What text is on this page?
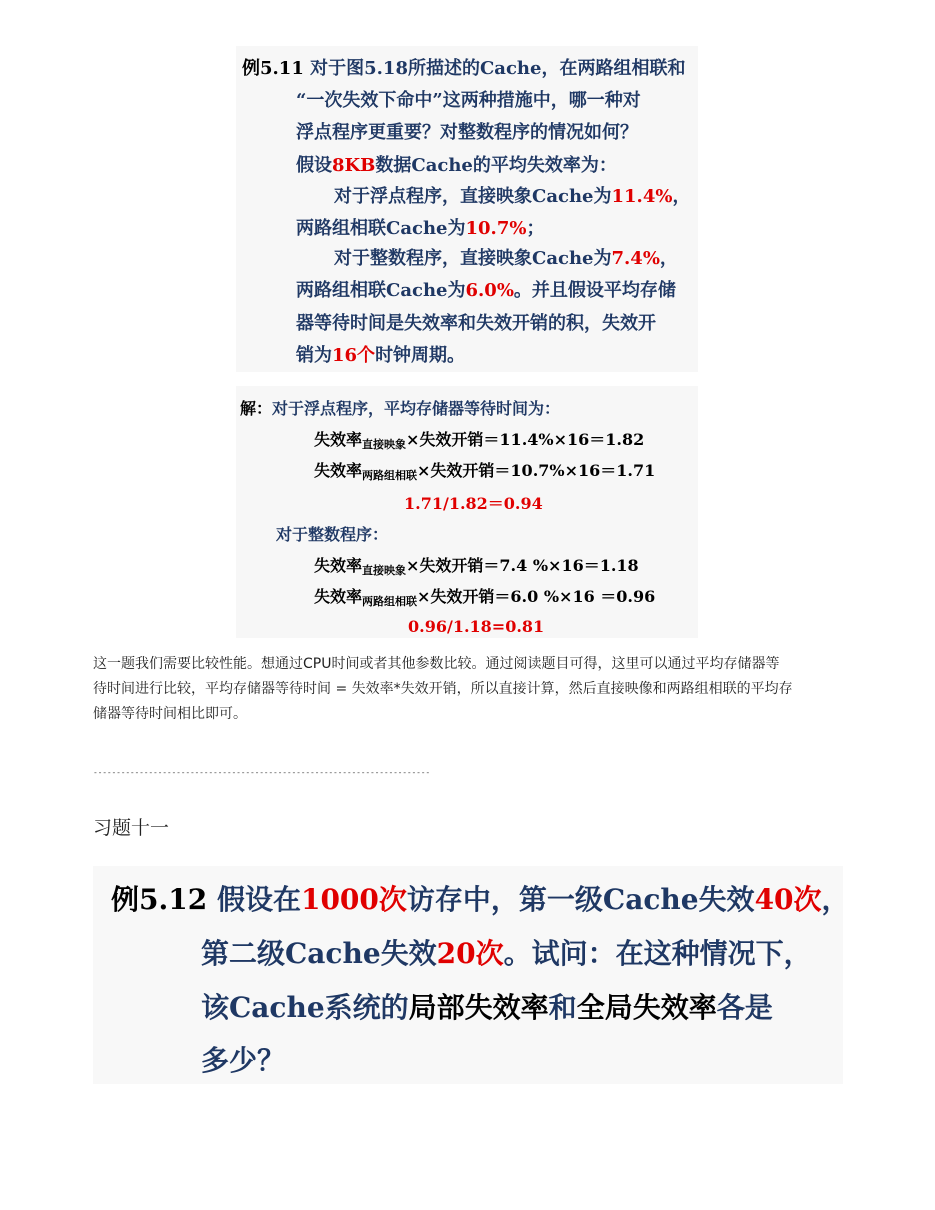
例5.11 对于图5.18所描述的Cache，在两路组相联和
“一次失效下命中”这两种措施中，哪一种对
浮点程序更重要？对整数程序的情况如何？
假设8KB数据Cache的平均失效率为：
对于浮点程序，直接映象Cache为11.4%，
两路组相联Cache为10.7%；
对于整数程序，直接映象Cache为7.4%，
两路组相联Cache为6.0%。并且假设平均存储
器等待时间是失效率和失效开销的积，失效开
销为16个时钟周期。
解：对于浮点程序，平均存储器等待时间为：
失效率$_{直接映象}$×失效开销＝11.4%×16＝1.82
失效率$_{两路组相联}$×失效开销＝10.7%×16＝1.71
1.71/1.82＝0.94
对于整数程序：
失效率$_{直接映象}$×失效开销＝7.4 %×16＝1.18
失效率$_{两路组相联}$×失效开销＝6.0 %×16 ＝0.96
0.96/1.18=0.81
这一题我们需要比较性能。想通过CPU时间或者其他参数比较。通过阅读题目可得，这里可以通过平均存储器等
待时间进行比较，平均存储器等待时间 = 失效率*失效开销，所以直接计算，然后直接映像和两路组相联的平均存
储器等待时间相比即可。
-------------------------------------------------------------------------
习题十一
例5.12 假设在1000次访存中，第一级Cache失效40次，
第二级Cache失效20次。试问：在这种情况下，
该Cache系统的局部失效率和全局失效率各是
多少？
